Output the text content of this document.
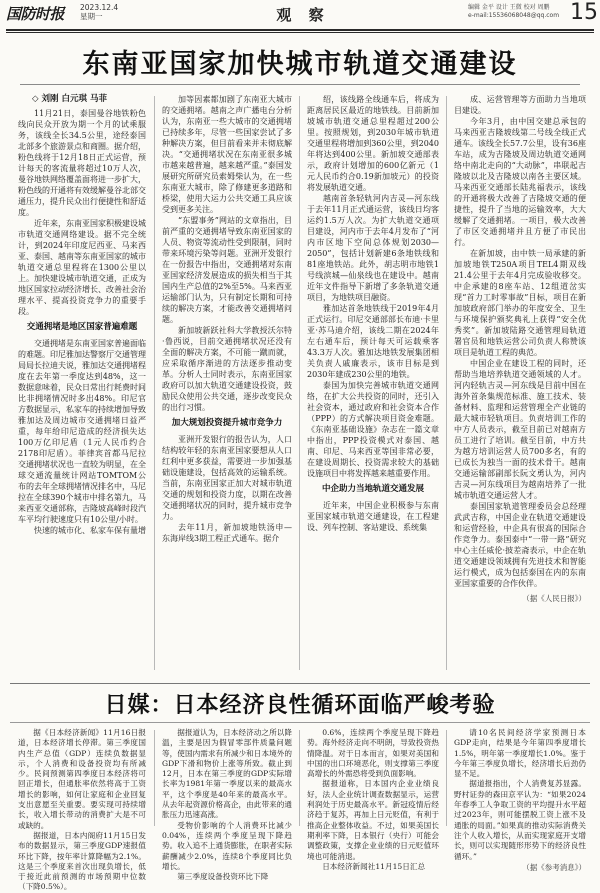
国防时报 2023.12.4
星期一	观 察	编辑 金平 设计 王微 校对 周鹏
e-mail:15536068048@qq.com 15
东南亚国家加快城市轨道交通建设
◇ 刘刚 白元琪 马菲

11月21日，泰国曼谷地铁粉色线向民众开放为期一个月的试乘服务，该线全长34.5公里，途经泰国北部多个旅游景点和商圈。据介绍，粉色线将于12月18日正式运营，预计每天的客流量将超过10万人次，曼谷地铁网络覆盖面将进一步扩大，粉色线的开通将有效缓解曼谷北部交通压力，提升民众出行便捷性和舒适度。

近年来，东南亚国家积极建设城市轨道交通网络建设。据不完全统计，到2024年印度尼西亚、马来西亚、泰国、越南等东南亚国家的城市轨道交通总里程将在1300公里以上。加快建设城市轨道交通，正成为地区国家拉动经济增长、改善社会治理水平、提高投资竞争力的重要手段。

交通拥堵是地区国家普遍难题

交通拥堵是东南亚国家普遍面临的难题。印尼雅加达警察厅交通管理局局长拉迪夫说，雅加达交通拥堵程度在去年第一季度达到48%，这一数据意味着，民众日常出行耗费时间比非拥堵情况时多出48%。印尼官方数据显示，私家车的持续增加导致雅加达及周边城市交通拥堵日益严重，每年给印尼造成的经济损失达100万亿印尼盾（1元人民币约合2178印尼盾）。菲律宾首都马尼拉交通拥堵状况也一直较为明显，在全球交通流量统计网站TOMTOM公布的去年全球拥堵情况排名中，马尼拉在全球390个城市中排名第九，马来西亚交通部称，吉隆坡高峰时段汽车平均行驶速度只有10公里/小时。

快速的城市化、私家车保有量增

加等因素都加剧了东南亚大城市的交通拥堵。越南之声广播电台分析认为，东南亚一些大城市的交通拥堵已持续多年，尽管一些国家尝试了多种解决方案，但目前看来并未彻底解决。“交通拥堵状况在东南亚很多城市越来越普遍，越来越严重。”泰国发展研究所研究员索姆柴认为，在一些东南亚大城市，除了修建更多道路和桥梁，使用大运力公共交通工具应该受到更多关注。

“东盟事务”网站的文章指出，目前严重的交通拥堵导致东南亚国家的人员、物资等流动性受到限制，同时带来环境污染等问题。亚洲开发银行在一份报告中指出，交通拥堵对东南亚国家经济发展造成的损失相当于其国内生产总值的2%至5%。马来西亚运输部门认为，只有制定长期和可持续的解决方案，才能改善交通拥堵问题。

新加坡新跃社科大学教授沃尔特·鲁西说，目前交通拥堵状况还没有全面的解决方案，不可能一蹴而就，应采取循序渐进的方法逐步推动变革。分析人士同时表示，东南亚国家政府可以加大轨道交通建设投资，鼓励民众使用公共交通，逐步改变民众的出行习惯。

加大规划投资提升城市竞争力

亚洲开发银行的报告认为，人口结构较年轻的东南亚国家要想从人口红利中更多获益，需要进一步加强基础设施建设，包括高效的运输系统。当前，东南亚国家正加大对城市轨道交通的规划和投资力度，以期在改善交通拥堵状况的同时，提升城市竞争力。

去年11月，新加坡地铁汤申—东海岸线3期工程正式通车。据介

绍，该线路全线通车后，将成为距离居民区最近的地铁线。目前新加坡城市轨道交通总里程超过200公里。按照规划，到2030年城市轨道交通里程将增加到360公里，到2040年将达到400公里。新加坡交通部表示，政府计划增加的600亿新元（1元人民币约合0.19新加坡元）的投资将发展轨道交通。

越南首条轻轨河内吉灵—河东线于去年11月正式通运营，该线日均客运约1.5万人次。为扩大轨道交通项目建设，河内市于去年4月发布了“河内市区地下空间总体规划2030—2050”，包括计划新建6条地铁线和81座地铁站。此外，胡志明市地铁1号线滨城—仙泉线也在建设中。越南近年文件指导下新增了多条轨道交通项目，为地铁项目融资。

雅加达首条地铁线于2019年4月正式运行。印尼交通部部长布迪·卡里亚·苏马迪介绍，该线二期在2024年左右通车后，预计每天可运载乘客43.3万人次。雅加达地铁发展集团相关负责人戚廉表示，该市目标是到2030年建成230公里的地铁。

泰国为加快完善城市轨道交通网络，在扩大公共投资的同时，还引入社会资本，通过政府和社会资本合作（PPP）的方式解决项目资金难题。《东南亚基础设施》杂志在一篇文章中指出，PPP投资模式对泰国、越南、印尼、马来西亚等国非常必要，在建设周期长、投资需求较大的基础设施项目中将发挥越来越重要作用。

中企助力当地轨道交通发展

近年来，中国企业积极参与东南亚国家城市轨道交通建设，在工程建设、列车控制、客站建设、系统集

成、运营管理等方面助力当地项目建设。

今年3月，由中国交建总承包的马来西亚吉隆坡线第二号线全线正式通车。该线全长57.7公里，设有36座车站，成为吉隆坡及周边轨道交通网络中南北走向的“大动脉”，串联起吉隆坡以北及吉隆坡以南各主要区域。马来西亚交通部长陆兆福表示，该线的开通将极大改善了吉隆坡交通的便捷性，提升了当地的运输效率，大大缓解了交通拥堵。一项目，极大改善了市区交通拥堵并且方便了市民出行。

在新加坡，由中铁一局承建的新加坡地铁T250A项目TEL4期双线21.4公里于去年4月完成验收移交。中企承建的8座车站、12组道岔实现“首力工时零事故”目标，项目在新加坡政府部门举办的年度安全、卫生与环境保护颁奖典礼上获得“安全优秀奖”。新加坡陆路交通管理局轨道署官员和地铁运营公司负责人称赞该项目是轨道工程的典范。

中国企业在建设工程的同时，还帮助当地培养轨道交通领域的人才。河内轻轨吉灵—河东线是目前中国在海外首条集规范标准、施工技术、装备材料、监理和运营管理全产业链的最大城市轻轨项目。负责培训工作的中方人员表示，截至目前已对越南方员工进行了培训。截至目前，中方共为越方培训运营人员700多名，有的已成长为独当一面的技术骨干。越南交通运输部副部长阮文勇认为，河内吉灵—河东线项目为越南培养了一批城市轨道交通运营人才。

泰国国家轨道管理委员会总经理武武吉称，中国企业在轨道交通建设和运营经验，中企具有很高的国际合作竞争力。泰国泰中“一带一路”研究中心主任威伦·披差斋表示，中企在轨道交通建设领域拥有先进技术和智能运行模式，成为包括泰国在内的东南亚国家重要的合作伙伴。

（据《人民日报》）
日媒：日本经济良性循环面临严峻考验

据《日本经济新闻》11月16日报道，日本经济增长停滞。第三季度国内生产总值（GDP）连续负数据显示，个人消费和设备投资均有所减少。民间预测第四季度日本经济将可回正增长，但通胀率依然将高于工资增长的影响，如何让家庭和企业回复支出意愿至关重要。要实现可持续增长，收入增长带动的消费扩大是不可或缺的。

据报道，日本内阁府11月15日发布的数据显示，第三季度GDP速报值环比下降，按年率计算降幅为2.1%。这是三个季度来首次出现负增长，低于接近此前预测的市场预期中位数（下降0.5%）。

据报道认为，日本经济动之所以降温，主要是因为假冒零部件质量问题等，使国内需求有所减少和日本境外的GDP下滑和物价上涨等所致。截止到12月，日本在第三季度的GDP实际增长率为1981年第一季度以来的最高水平，这个季度是40年来的最高水平。从去年起资源价格高企，由此带来的通胀压力迅速高涨。

受物价影响的个人消费环比减少0.04%，连续两个季度呈现下降趋势。收入追不上通货膨胀，在职者实际薪酬减少2.0%，连续8个季度同比负增长。

第三季度设备投资环比下降

0.6%，连续两个季度呈现下降趋势。海外经济走向不明朗，导致投资热情降温。对于日本而言，如果对美国和中国的出口环境恶化，则支撑第三季度高增长的外需恐将受到负面影响。

据报道称，日本国内企业业绩良好，法人企业统计调查数据显示，运营利润处于历史最高水平。新冠疫情后经济趋于复苏，再加上日元贬值，有利于推高企业整体收益。不过，如果美国长期利率下降，日本银行（央行）可能会调整政策，支撑企业业绩的日元贬值环境也可能消退。

日本经济新闻社11月15日汇总

请10名民间经济学家预测日本GDP走向，结果是今年第四季度增长1.5%，明年第一季度增长1.0%。鉴于今年第三季度负增长，经济增长后劲仍显不足。

据道报指出，个人消费复苏显露。野村证券的森田京平认为：“如果2024年春季工人争取工资的平均提升水平超过2023年，则可能摆脱工资上涨不及通胀的局面。”如果真的推动实际消费关注个人收入增长，从而实现家庭开支增长，则可以实现随形形势下的经济良性循环。”

（据《参考消息》）
